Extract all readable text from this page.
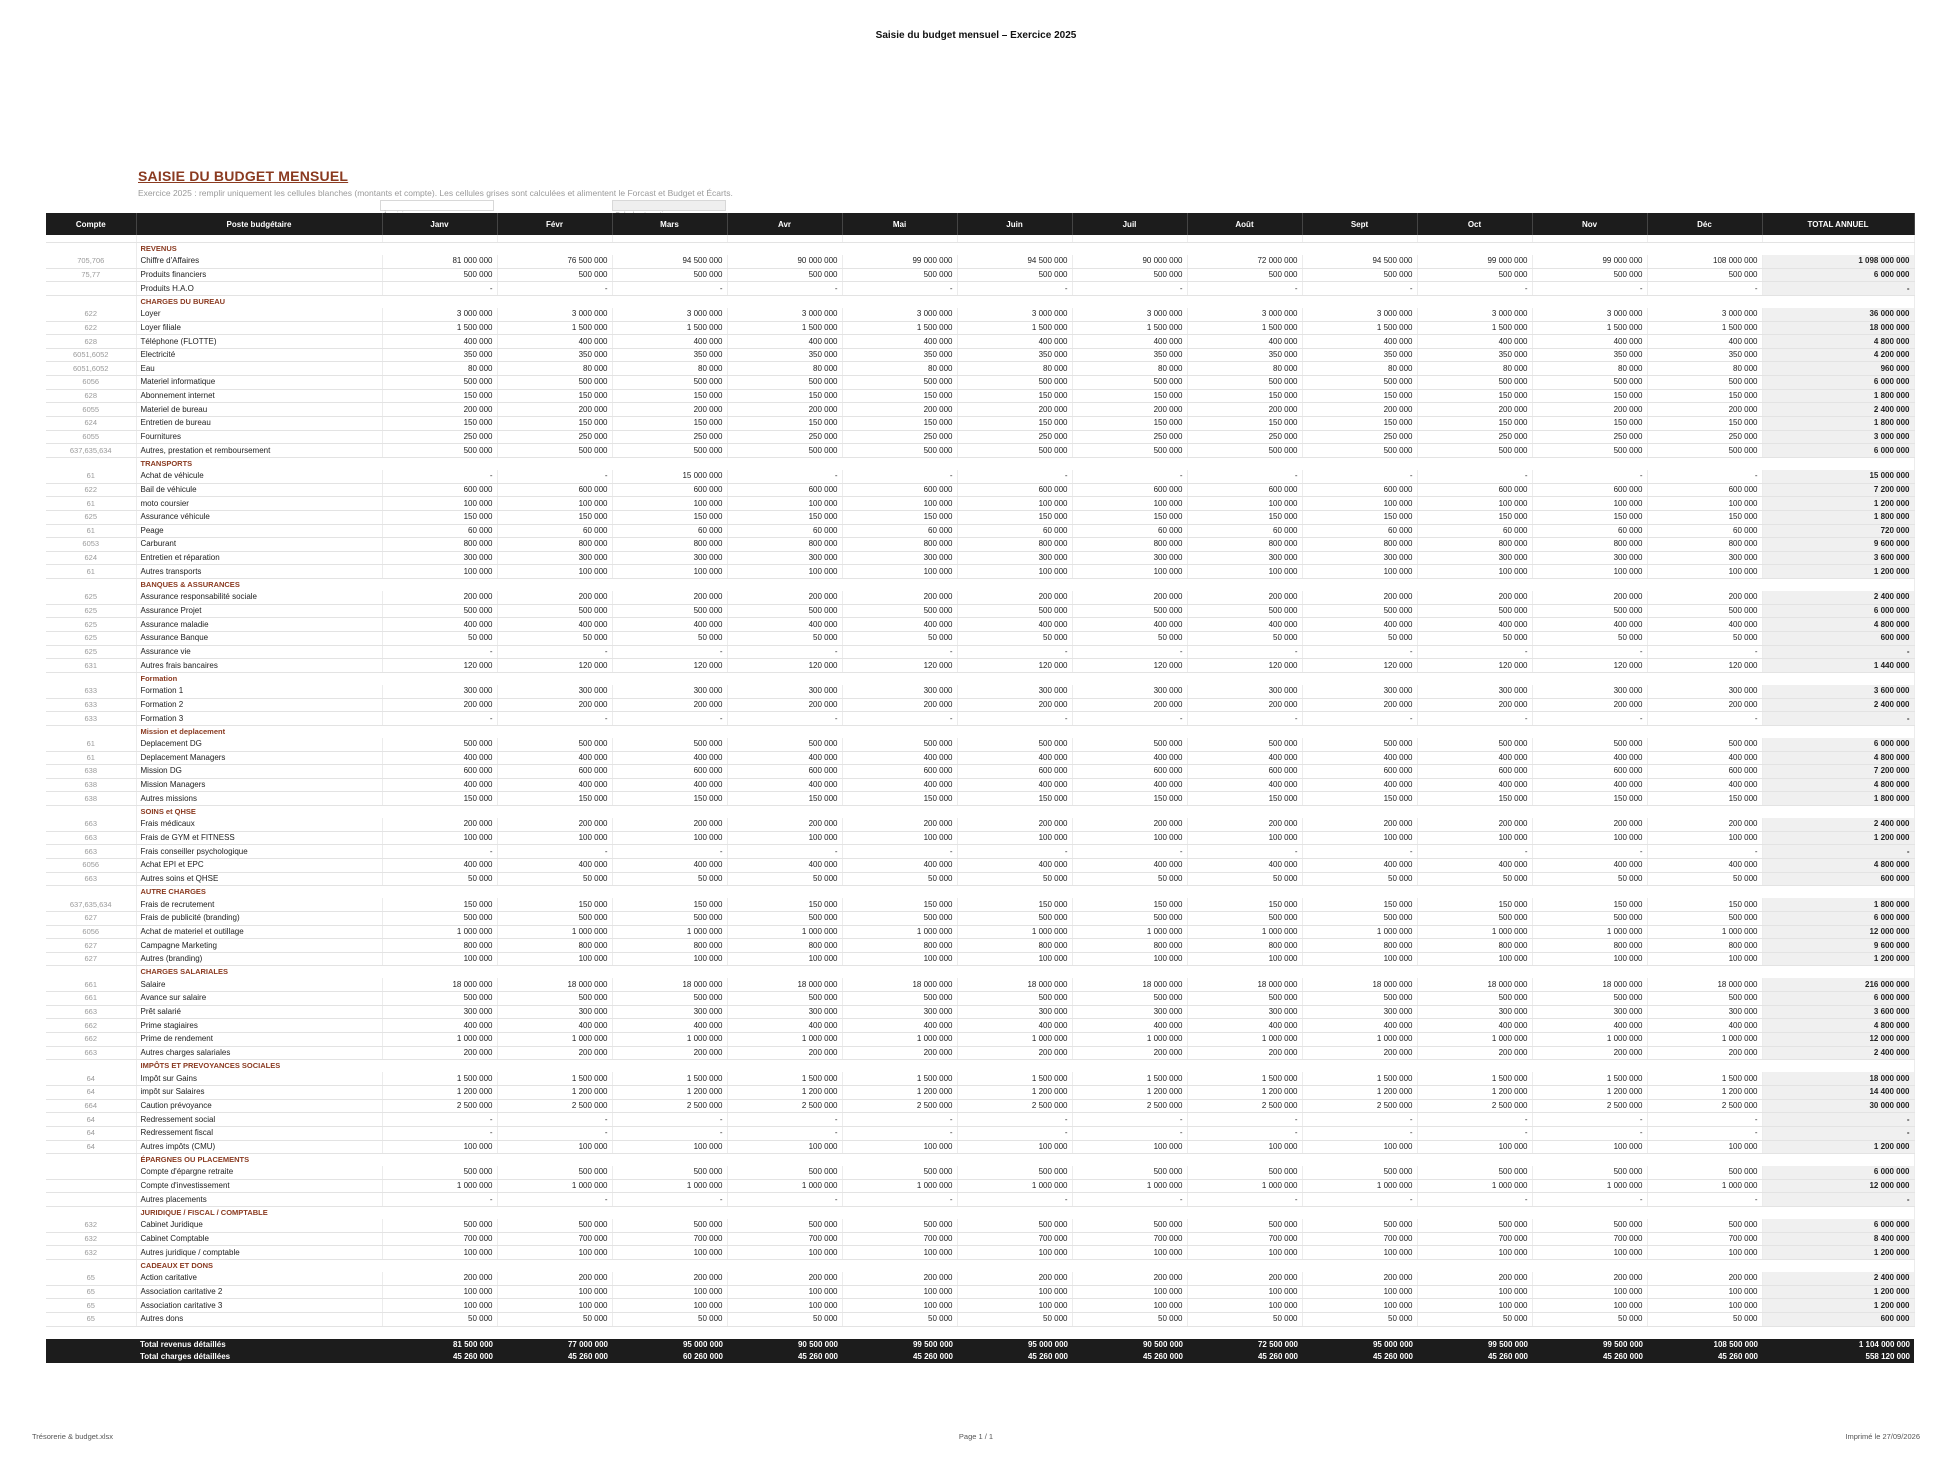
Saisie du budget mensuel – Exercice 2025
SAISIE DU BUDGET MENSUEL
Exercice 2025 : remplir uniquement les cellules blanches (montants et compte). Les cellules grises sont calculées et alimentent le Forcast et Budget et Écarts.
Compte	Poste budgétaire	Janv	Févr	Mars	Avr	Mai	Juin	Juil	Août	Sept	Oct	Nov	Déc	TOTAL ANNUEL

	REVENUS													
705,706	Chiffre d'Affaires	81 000 000	76 500 000	94 500 000	90 000 000	99 000 000	94 500 000	90 000 000	72 000 000	94 500 000	99 000 000	99 000 000	108 000 000	1 098 000 000
75,77	Produits financiers	500 000	500 000	500 000	500 000	500 000	500 000	500 000	500 000	500 000	500 000	500 000	500 000	6 000 000
	Produits H.A.O	-	-	-	-	-	-	-	-	-	-	-	-	-
	CHARGES DU BUREAU													
622	Loyer	3 000 000	3 000 000	3 000 000	3 000 000	3 000 000	3 000 000	3 000 000	3 000 000	3 000 000	3 000 000	3 000 000	3 000 000	36 000 000
622	Loyer filiale	1 500 000	1 500 000	1 500 000	1 500 000	1 500 000	1 500 000	1 500 000	1 500 000	1 500 000	1 500 000	1 500 000	1 500 000	18 000 000
628	Téléphone (FLOTTE)	400 000	400 000	400 000	400 000	400 000	400 000	400 000	400 000	400 000	400 000	400 000	400 000	4 800 000
6051,6052	Electricité	350 000	350 000	350 000	350 000	350 000	350 000	350 000	350 000	350 000	350 000	350 000	350 000	4 200 000
6051,6052	Eau	80 000	80 000	80 000	80 000	80 000	80 000	80 000	80 000	80 000	80 000	80 000	80 000	960 000
6056	Materiel informatique	500 000	500 000	500 000	500 000	500 000	500 000	500 000	500 000	500 000	500 000	500 000	500 000	6 000 000
628	Abonnement internet	150 000	150 000	150 000	150 000	150 000	150 000	150 000	150 000	150 000	150 000	150 000	150 000	1 800 000
6055	Materiel de bureau	200 000	200 000	200 000	200 000	200 000	200 000	200 000	200 000	200 000	200 000	200 000	200 000	2 400 000
624	Entretien de bureau	150 000	150 000	150 000	150 000	150 000	150 000	150 000	150 000	150 000	150 000	150 000	150 000	1 800 000
6055	Fournitures	250 000	250 000	250 000	250 000	250 000	250 000	250 000	250 000	250 000	250 000	250 000	250 000	3 000 000
637,635,634	Autres, prestation et remboursement	500 000	500 000	500 000	500 000	500 000	500 000	500 000	500 000	500 000	500 000	500 000	500 000	6 000 000
	TRANSPORTS													
61	Achat de véhicule	-	-	15 000 000	-	-	-	-	-	-	-	-	-	15 000 000
622	Bail de véhicule	600 000	600 000	600 000	600 000	600 000	600 000	600 000	600 000	600 000	600 000	600 000	600 000	7 200 000
61	moto coursier	100 000	100 000	100 000	100 000	100 000	100 000	100 000	100 000	100 000	100 000	100 000	100 000	1 200 000
625	Assurance véhicule	150 000	150 000	150 000	150 000	150 000	150 000	150 000	150 000	150 000	150 000	150 000	150 000	1 800 000
61	Peage	60 000	60 000	60 000	60 000	60 000	60 000	60 000	60 000	60 000	60 000	60 000	60 000	720 000
6053	Carburant	800 000	800 000	800 000	800 000	800 000	800 000	800 000	800 000	800 000	800 000	800 000	800 000	9 600 000
624	Entretien et réparation	300 000	300 000	300 000	300 000	300 000	300 000	300 000	300 000	300 000	300 000	300 000	300 000	3 600 000
61	Autres transports	100 000	100 000	100 000	100 000	100 000	100 000	100 000	100 000	100 000	100 000	100 000	100 000	1 200 000
	BANQUES & ASSURANCES													
625	Assurance responsabilité sociale	200 000	200 000	200 000	200 000	200 000	200 000	200 000	200 000	200 000	200 000	200 000	200 000	2 400 000
625	Assurance Projet	500 000	500 000	500 000	500 000	500 000	500 000	500 000	500 000	500 000	500 000	500 000	500 000	6 000 000
625	Assurance maladie	400 000	400 000	400 000	400 000	400 000	400 000	400 000	400 000	400 000	400 000	400 000	400 000	4 800 000
625	Assurance Banque	50 000	50 000	50 000	50 000	50 000	50 000	50 000	50 000	50 000	50 000	50 000	50 000	600 000
625	Assurance vie	-	-	-	-	-	-	-	-	-	-	-	-	-
631	Autres frais bancaires	120 000	120 000	120 000	120 000	120 000	120 000	120 000	120 000	120 000	120 000	120 000	120 000	1 440 000
	Formation													
633	Formation 1	300 000	300 000	300 000	300 000	300 000	300 000	300 000	300 000	300 000	300 000	300 000	300 000	3 600 000
633	Formation 2	200 000	200 000	200 000	200 000	200 000	200 000	200 000	200 000	200 000	200 000	200 000	200 000	2 400 000
633	Formation 3	-	-	-	-	-	-	-	-	-	-	-	-	-
	Mission et deplacement													
61	Deplacement DG	500 000	500 000	500 000	500 000	500 000	500 000	500 000	500 000	500 000	500 000	500 000	500 000	6 000 000
61	Deplacement Managers	400 000	400 000	400 000	400 000	400 000	400 000	400 000	400 000	400 000	400 000	400 000	400 000	4 800 000
638	Mission DG	600 000	600 000	600 000	600 000	600 000	600 000	600 000	600 000	600 000	600 000	600 000	600 000	7 200 000
638	Mission Managers	400 000	400 000	400 000	400 000	400 000	400 000	400 000	400 000	400 000	400 000	400 000	400 000	4 800 000
638	Autres missions	150 000	150 000	150 000	150 000	150 000	150 000	150 000	150 000	150 000	150 000	150 000	150 000	1 800 000
	SOINS et QHSE													
663	Frais médicaux	200 000	200 000	200 000	200 000	200 000	200 000	200 000	200 000	200 000	200 000	200 000	200 000	2 400 000
663	Frais de GYM et FITNESS	100 000	100 000	100 000	100 000	100 000	100 000	100 000	100 000	100 000	100 000	100 000	100 000	1 200 000
663	Frais conseiller psychologique	-	-	-	-	-	-	-	-	-	-	-	-	-
6056	Achat EPI et EPC	400 000	400 000	400 000	400 000	400 000	400 000	400 000	400 000	400 000	400 000	400 000	400 000	4 800 000
663	Autres soins et QHSE	50 000	50 000	50 000	50 000	50 000	50 000	50 000	50 000	50 000	50 000	50 000	50 000	600 000
	AUTRE CHARGES													
637,635,634	Frais de recrutement	150 000	150 000	150 000	150 000	150 000	150 000	150 000	150 000	150 000	150 000	150 000	150 000	1 800 000
627	Frais de publicité (branding)	500 000	500 000	500 000	500 000	500 000	500 000	500 000	500 000	500 000	500 000	500 000	500 000	6 000 000
6056	Achat de materiel et outillage	1 000 000	1 000 000	1 000 000	1 000 000	1 000 000	1 000 000	1 000 000	1 000 000	1 000 000	1 000 000	1 000 000	1 000 000	12 000 000
627	Campagne Marketing	800 000	800 000	800 000	800 000	800 000	800 000	800 000	800 000	800 000	800 000	800 000	800 000	9 600 000
627	Autres (branding)	100 000	100 000	100 000	100 000	100 000	100 000	100 000	100 000	100 000	100 000	100 000	100 000	1 200 000
	CHARGES SALARIALES													
661	Salaire	18 000 000	18 000 000	18 000 000	18 000 000	18 000 000	18 000 000	18 000 000	18 000 000	18 000 000	18 000 000	18 000 000	18 000 000	216 000 000
661	Avance sur salaire	500 000	500 000	500 000	500 000	500 000	500 000	500 000	500 000	500 000	500 000	500 000	500 000	6 000 000
663	Prêt salarié	300 000	300 000	300 000	300 000	300 000	300 000	300 000	300 000	300 000	300 000	300 000	300 000	3 600 000
662	Prime stagiaires	400 000	400 000	400 000	400 000	400 000	400 000	400 000	400 000	400 000	400 000	400 000	400 000	4 800 000
662	Prime de rendement	1 000 000	1 000 000	1 000 000	1 000 000	1 000 000	1 000 000	1 000 000	1 000 000	1 000 000	1 000 000	1 000 000	1 000 000	12 000 000
663	Autres charges salariales	200 000	200 000	200 000	200 000	200 000	200 000	200 000	200 000	200 000	200 000	200 000	200 000	2 400 000
	IMPÔTS ET PREVOYANCES SOCIALES													
64	Impôt sur Gains	1 500 000	1 500 000	1 500 000	1 500 000	1 500 000	1 500 000	1 500 000	1 500 000	1 500 000	1 500 000	1 500 000	1 500 000	18 000 000
64	impôt sur Salaires	1 200 000	1 200 000	1 200 000	1 200 000	1 200 000	1 200 000	1 200 000	1 200 000	1 200 000	1 200 000	1 200 000	1 200 000	14 400 000
664	Caution prévoyance	2 500 000	2 500 000	2 500 000	2 500 000	2 500 000	2 500 000	2 500 000	2 500 000	2 500 000	2 500 000	2 500 000	2 500 000	30 000 000
64	Redressement social	-	-	-	-	-	-	-	-	-	-	-	-	-
64	Redressement fiscal	-	-	-	-	-	-	-	-	-	-	-	-	-
64	Autres impôts (CMU)	100 000	100 000	100 000	100 000	100 000	100 000	100 000	100 000	100 000	100 000	100 000	100 000	1 200 000
	ÉPARGNES OU PLACEMENTS													
	Compte d'épargne retraite	500 000	500 000	500 000	500 000	500 000	500 000	500 000	500 000	500 000	500 000	500 000	500 000	6 000 000
	Compte d'investissement	1 000 000	1 000 000	1 000 000	1 000 000	1 000 000	1 000 000	1 000 000	1 000 000	1 000 000	1 000 000	1 000 000	1 000 000	12 000 000
	Autres placements	-	-	-	-	-	-	-	-	-	-	-	-	-
	JURIDIQUE / FISCAL / COMPTABLE													
632	Cabinet Juridique	500 000	500 000	500 000	500 000	500 000	500 000	500 000	500 000	500 000	500 000	500 000	500 000	6 000 000
632	Cabinet Comptable	700 000	700 000	700 000	700 000	700 000	700 000	700 000	700 000	700 000	700 000	700 000	700 000	8 400 000
632	Autres juridique / comptable	100 000	100 000	100 000	100 000	100 000	100 000	100 000	100 000	100 000	100 000	100 000	100 000	1 200 000
	CADEAUX ET DONS													
65	Action caritative	200 000	200 000	200 000	200 000	200 000	200 000	200 000	200 000	200 000	200 000	200 000	200 000	2 400 000
65	Association caritative 2	100 000	100 000	100 000	100 000	100 000	100 000	100 000	100 000	100 000	100 000	100 000	100 000	1 200 000
65	Association caritative 3	100 000	100 000	100 000	100 000	100 000	100 000	100 000	100 000	100 000	100 000	100 000	100 000	1 200 000
65	Autres dons	50 000	50 000	50 000	50 000	50 000	50 000	50 000	50 000	50 000	50 000	50 000	50 000	600 000

	Total revenus détaillés	81 500 000	77 000 000	95 000 000	90 500 000	99 500 000	95 000 000	90 500 000	72 500 000	95 000 000	99 500 000	99 500 000	108 500 000	1 104 000 000
	Total charges détaillées	45 260 000	45 260 000	60 260 000	45 260 000	45 260 000	45 260 000	45 260 000	45 260 000	45 260 000	45 260 000	45 260 000	45 260 000	558 120 000
Trésorerie & budget.xlsx	Page 1 / 1	Imprimé le 27/09/2026
